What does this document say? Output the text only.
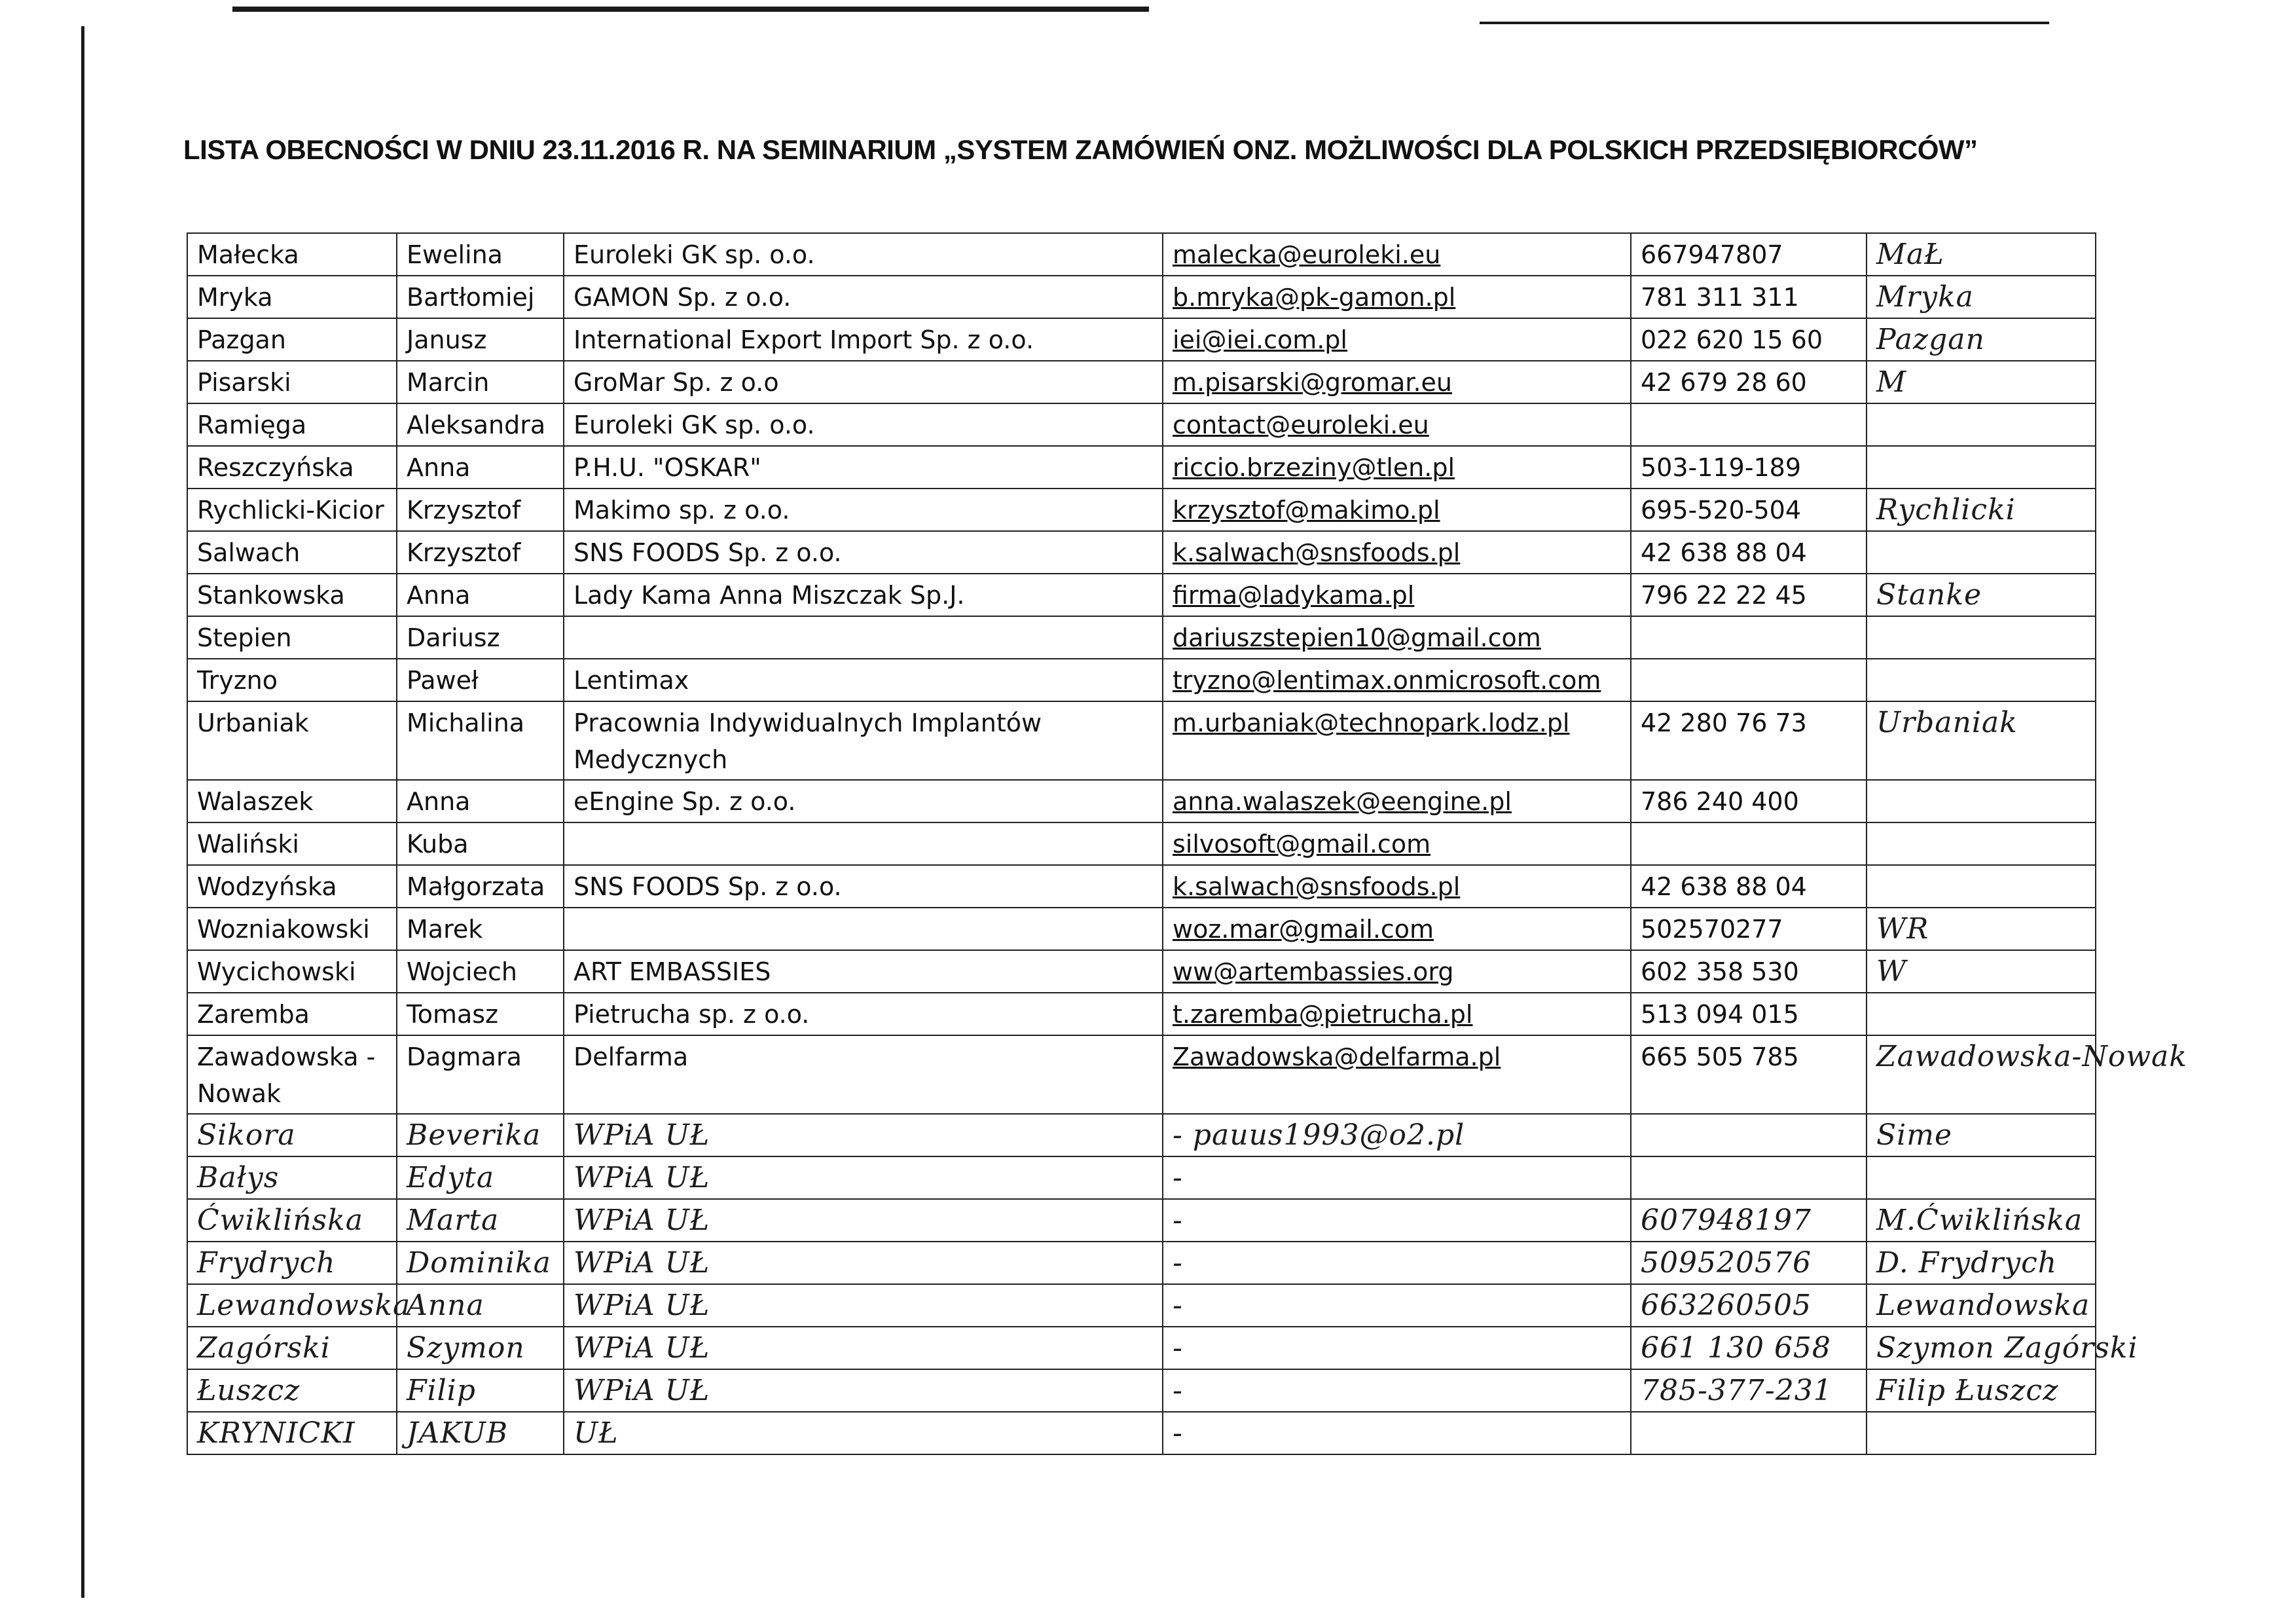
LISTA OBECNOŚCI W DNIU 23.11.2016 R. NA SEMINARIUM „SYSTEM ZAMÓWIEŃ ONZ. MOŻLIWOŚCI DLA POLSKICH PRZEDSIĘBIORCÓW”
Małecka	Ewelina	Euroleki GK sp. o.o.	malecka@euroleki.eu	667947807	MaŁ
Mryka	Bartłomiej	GAMON Sp. z o.o.	b.mryka@pk-gamon.pl	781 311 311	Mryka
Pazgan	Janusz	International Export Import Sp. z o.o.	iei@iei.com.pl	022 620 15 60	Pazgan
Pisarski	Marcin	GroMar Sp. z o.o	m.pisarski@gromar.eu	42 679 28 60	M
Ramięga	Aleksandra	Euroleki GK sp. o.o.	contact@euroleki.eu		
Reszczyńska	Anna	P.H.U. "OSKAR"	riccio.brzeziny@tlen.pl	503-119-189	
Rychlicki-Kicior	Krzysztof	Makimo sp. z o.o.	krzysztof@makimo.pl	695-520-504	Rychlicki
Salwach	Krzysztof	SNS FOODS Sp. z o.o.	k.salwach@snsfoods.pl	42 638 88 04	
Stankowska	Anna	Lady Kama Anna Miszczak Sp.J.	firma@ladykama.pl	796 22 22 45	Stanke
Stepien	Dariusz		dariuszstepien10@gmail.com		
Tryzno	Paweł	Lentimax	tryzno@lentimax.onmicrosoft.com		
Urbaniak	Michalina	Pracownia Indywidualnych Implantów Medycznych	m.urbaniak@technopark.lodz.pl	42 280 76 73	Urbaniak
Walaszek	Anna	eEngine Sp. z o.o.	anna.walaszek@eengine.pl	786 240 400	
Waliński	Kuba		silvosoft@gmail.com		
Wodzyńska	Małgorzata	SNS FOODS Sp. z o.o.	k.salwach@snsfoods.pl	42 638 88 04	
Wozniakowski	Marek		woz.mar@gmail.com	502570277	WR
Wycichowski	Wojciech	ART EMBASSIES	ww@artembassies.org	602 358 530	W
Zaremba	Tomasz	Pietrucha sp. z o.o.	t.zaremba@pietrucha.pl	513 094 015	
Zawadowska - Nowak	Dagmara	Delfarma	Zawadowska@delfarma.pl	665 505 785	Zawadowska-Nowak
Sikora	Beverika	WPiA UŁ	- pauus1993@o2.pl		Sime
Bałys	Edyta	WPiA UŁ	-		
Ćwiklińska	Marta	WPiA UŁ	-	607948197	M.Ćwiklińska
Frydrych	Dominika	WPiA UŁ	-	509520576	D. Frydrych
Lewandowska	Anna	WPiA UŁ	-	663260505	Lewandowska
Zagórski	Szymon	WPiA UŁ	-	661 130 658	Szymon Zagórski
Łuszcz	Filip	WPiA UŁ	-	785-377-231	Filip Łuszcz
KRYNICKI	JAKUB	UŁ	-		
